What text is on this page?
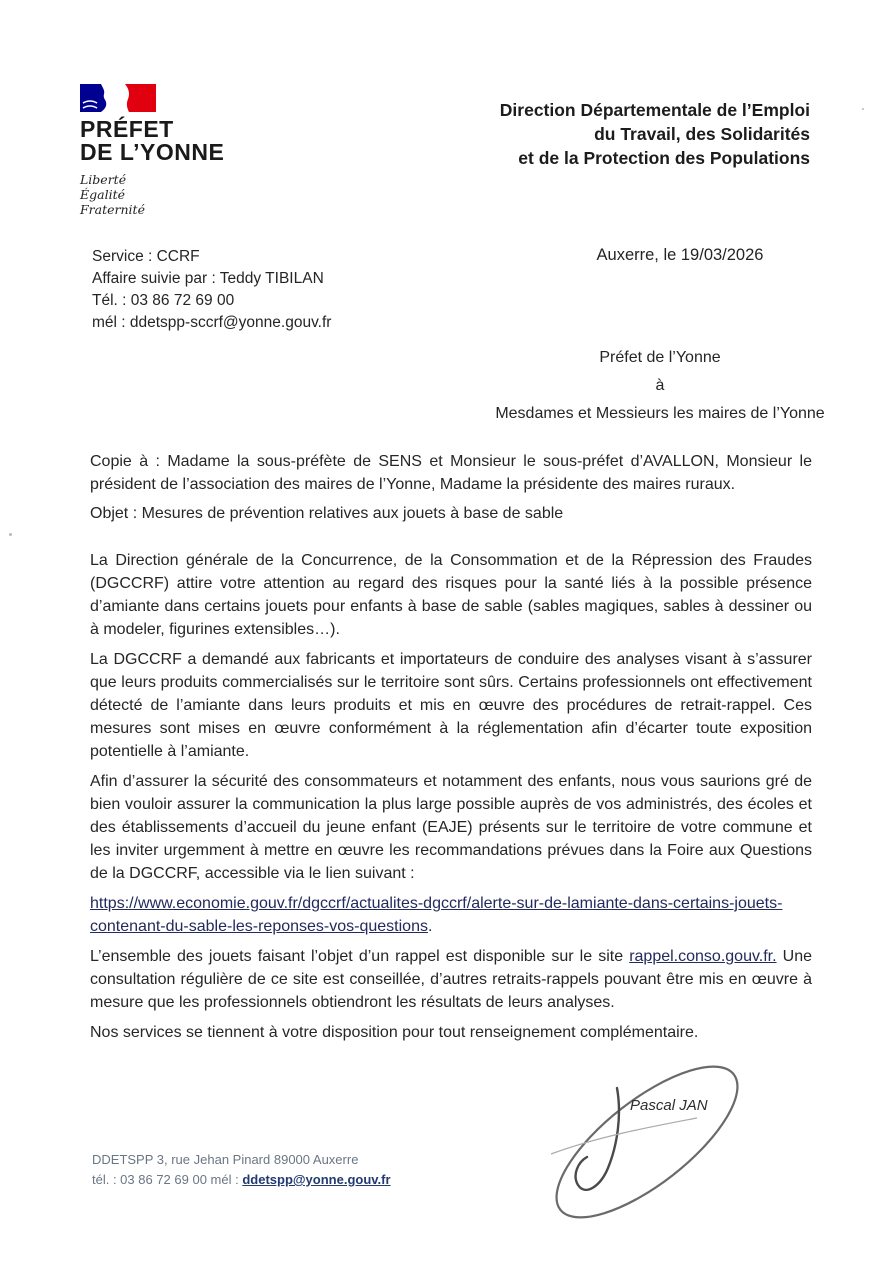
PRÉFET
DE L’YONNE
Liberté
Égalité
Fraternité
Direction Départementale de l’Emploi
du Travail, des Solidarités
et de la Protection des Populations
Service : CCRF
Affaire suivie par : Teddy TIBILAN
Tél. : 03 86 72 69 00
mél : ddetspp-sccrf@yonne.gouv.fr
Auxerre, le 19/03/2026
Préfet de l’Yonne
à
Mesdames et Messieurs les maires de l’Yonne

Copie à : Madame la sous-préfète de SENS et Monsieur le sous-préfet d’AVALLON, Monsieur le président de l’association des maires de l’Yonne, Madame la présidente des maires ruraux.

Objet : Mesures de prévention relatives aux jouets à base de sable

La Direction générale de la Concurrence, de la Consommation et de la Répression des Fraudes (DGCCRF) attire votre attention au regard des risques pour la santé liés à la possible présence d’amiante dans certains jouets pour enfants à base de sable (sables magiques, sables à dessiner ou à modeler, figurines extensibles…).

La DGCCRF a demandé aux fabricants et importateurs de conduire des analyses visant à s’assurer que leurs produits commercialisés sur le territoire sont sûrs. Certains professionnels ont effectivement détecté de l’amiante dans leurs produits et mis en œuvre des procédures de retrait-rappel. Ces mesures sont mises en œuvre conformément à la réglementation afin d’écarter toute exposition potentielle à l’amiante.

Afin d’assurer la sécurité des consommateurs et notamment des enfants, nous vous saurions gré de bien vouloir assurer la communication la plus large possible auprès de vos administrés, des écoles et des établissements d’accueil du jeune enfant (EAJE) présents sur le territoire de votre commune et les inviter urgemment à mettre en œuvre les recommandations prévues dans la Foire aux Questions de la DGCCRF, accessible via le lien suivant :

https://www.economie.gouv.fr/dgccrf/actualites-dgccrf/alerte-sur-de-lamiante-dans-certains-jouets-contenant-du-sable-les-reponses-vos-questions.

L’ensemble des jouets faisant l’objet d’un rappel est disponible sur le site rappel.conso.gouv.fr. Une consultation régulière de ce site est conseillée, d’autres retraits-rappels pouvant être mis en œuvre à mesure que les professionnels obtiendront les résultats de leurs analyses.

Nos services se tiennent à votre disposition pour tout renseignement complémentaire.

Pascal JAN
DDETSPP 3, rue Jehan Pinard 89000 Auxerre
tél. : 03 86 72 69 00 mél : ddetspp@yonne.gouv.fr
